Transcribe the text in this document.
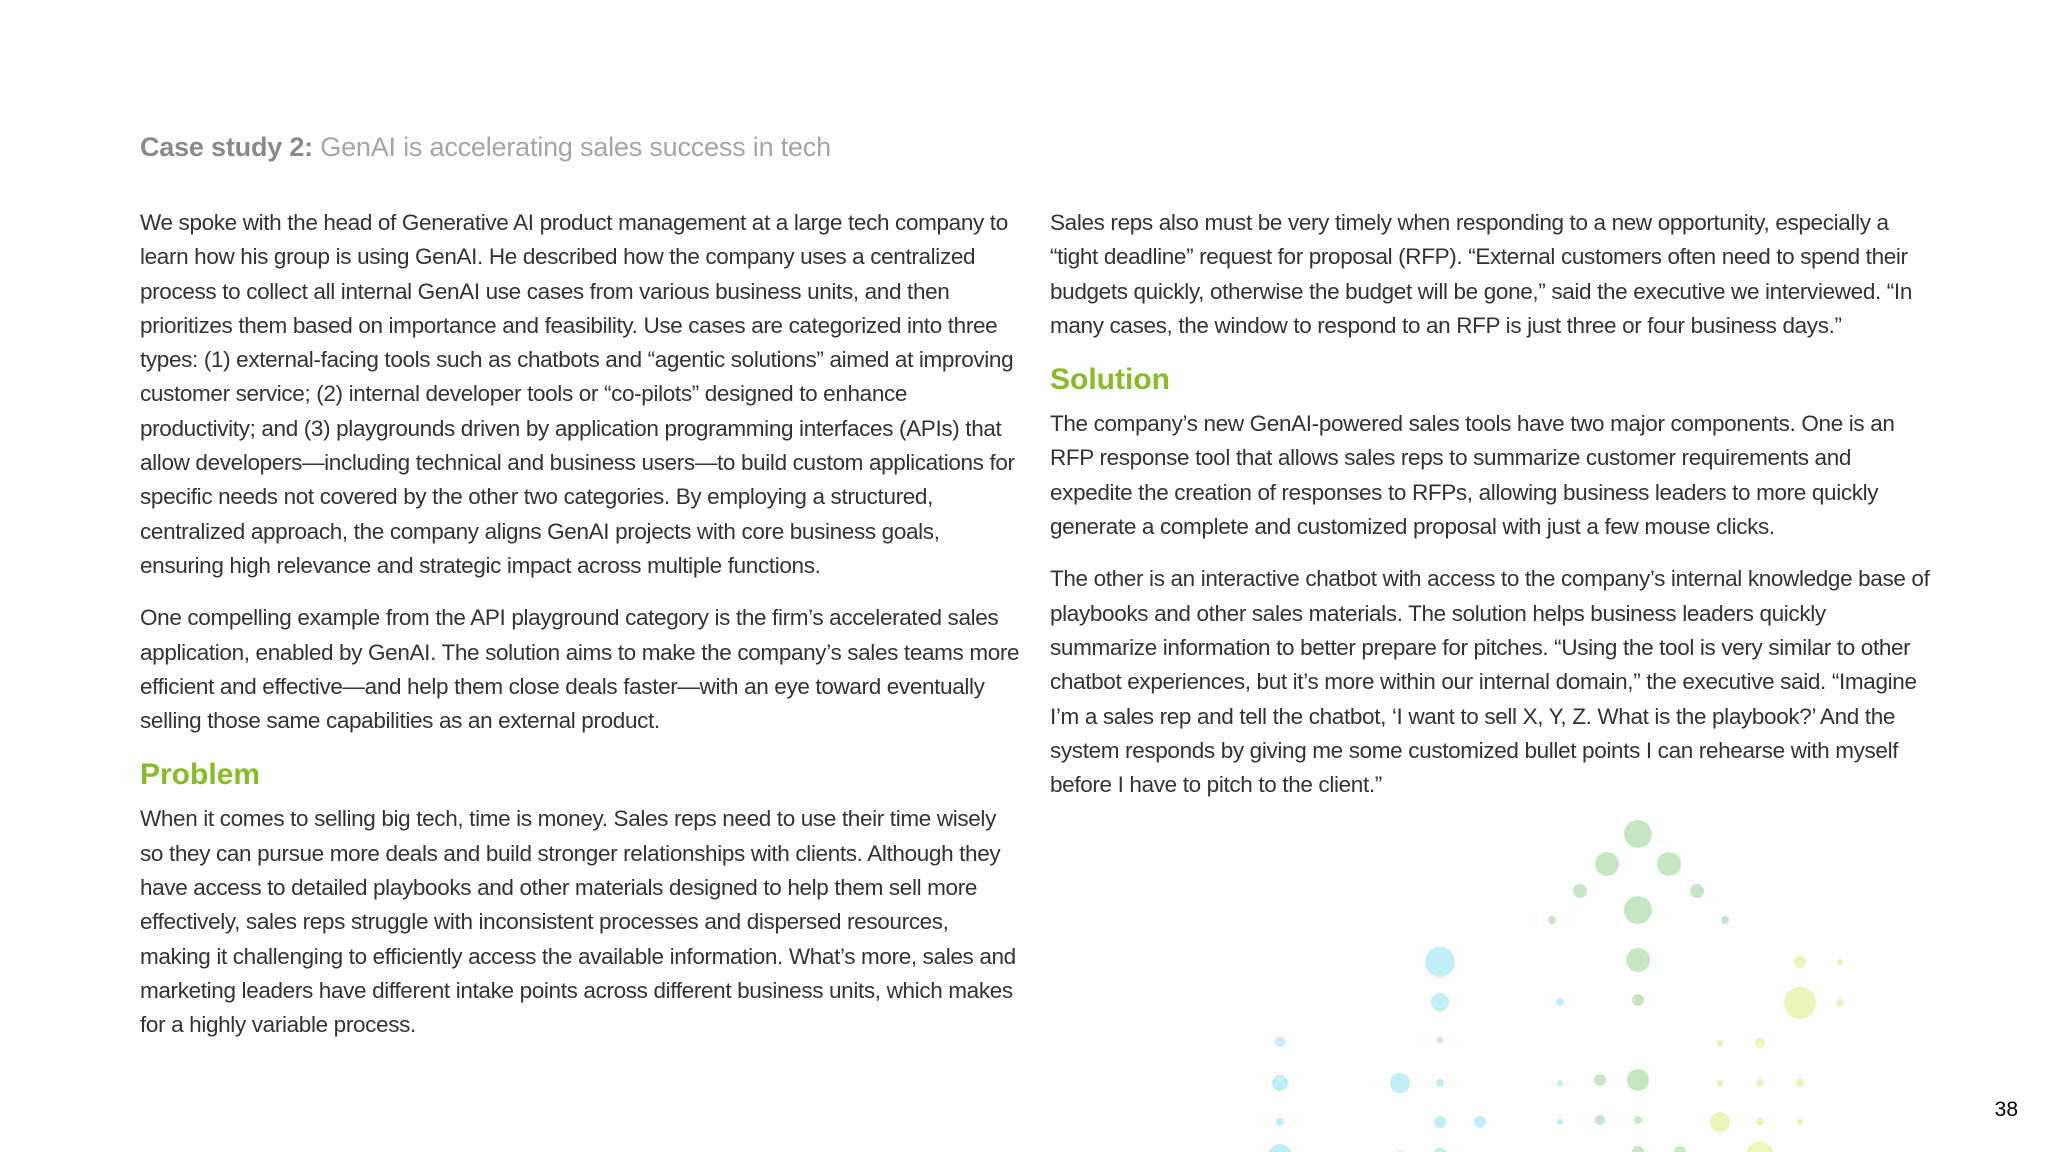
Case study 2: GenAI is accelerating sales success in tech

We spoke with the head of Generative AI product management at a large tech company to learn how his group is using GenAI. He described how the company uses a centralized process to collect all internal GenAI use cases from various business units, and then prioritizes them based on importance and feasibility. Use cases are categorized into three types: (1) external-facing tools such as chatbots and “agentic solutions” aimed at improving customer service; (2) internal developer tools or “co-pilots” designed to enhance productivity; and (3) playgrounds driven by application programming interfaces (APIs) that allow developers—including technical and business users—to build custom applications for specific needs not covered by the other two categories. By employing a structured, centralized approach, the company aligns GenAI projects with core business goals, ensuring high relevance and strategic impact across multiple functions.

One compelling example from the API playground category is the firm’s accelerated sales application, enabled by GenAI. The solution aims to make the company’s sales teams more efficient and effective—and help them close deals faster—with an eye toward eventually selling those same capabilities as an external product.

Problem

When it comes to selling big tech, time is money. Sales reps need to use their time wisely so they can pursue more deals and build stronger relationships with clients. Although they have access to detailed playbooks and other materials designed to help them sell more effectively, sales reps struggle with inconsistent processes and dispersed resources, making it challenging to efficiently access the available information. What’s more, sales and marketing leaders have different intake points across different business units, which makes for a highly variable process.

Sales reps also must be very timely when responding to a new opportunity, especially a “tight deadline” request for proposal (RFP). “External customers often need to spend their budgets quickly, otherwise the budget will be gone,” said the executive we interviewed. “In many cases, the window to respond to an RFP is just three or four business days.”

Solution

The company’s new GenAI-powered sales tools have two major components. One is an RFP response tool that allows sales reps to summarize customer requirements and expedite the creation of responses to RFPs, allowing business leaders to more quickly generate a complete and customized proposal with just a few mouse clicks.

The other is an interactive chatbot with access to the company’s internal knowledge base of playbooks and other sales materials. The solution helps business leaders quickly summarize information to better prepare for pitches. “Using the tool is very similar to other chatbot experiences, but it’s more within our internal domain,” the executive said. “Imagine I’m a sales rep and tell the chatbot, ‘I want to sell X, Y, Z. What is the playbook?’ And the system responds by giving me some customized bullet points I can rehearse with myself before I have to pitch to the client.”

38
